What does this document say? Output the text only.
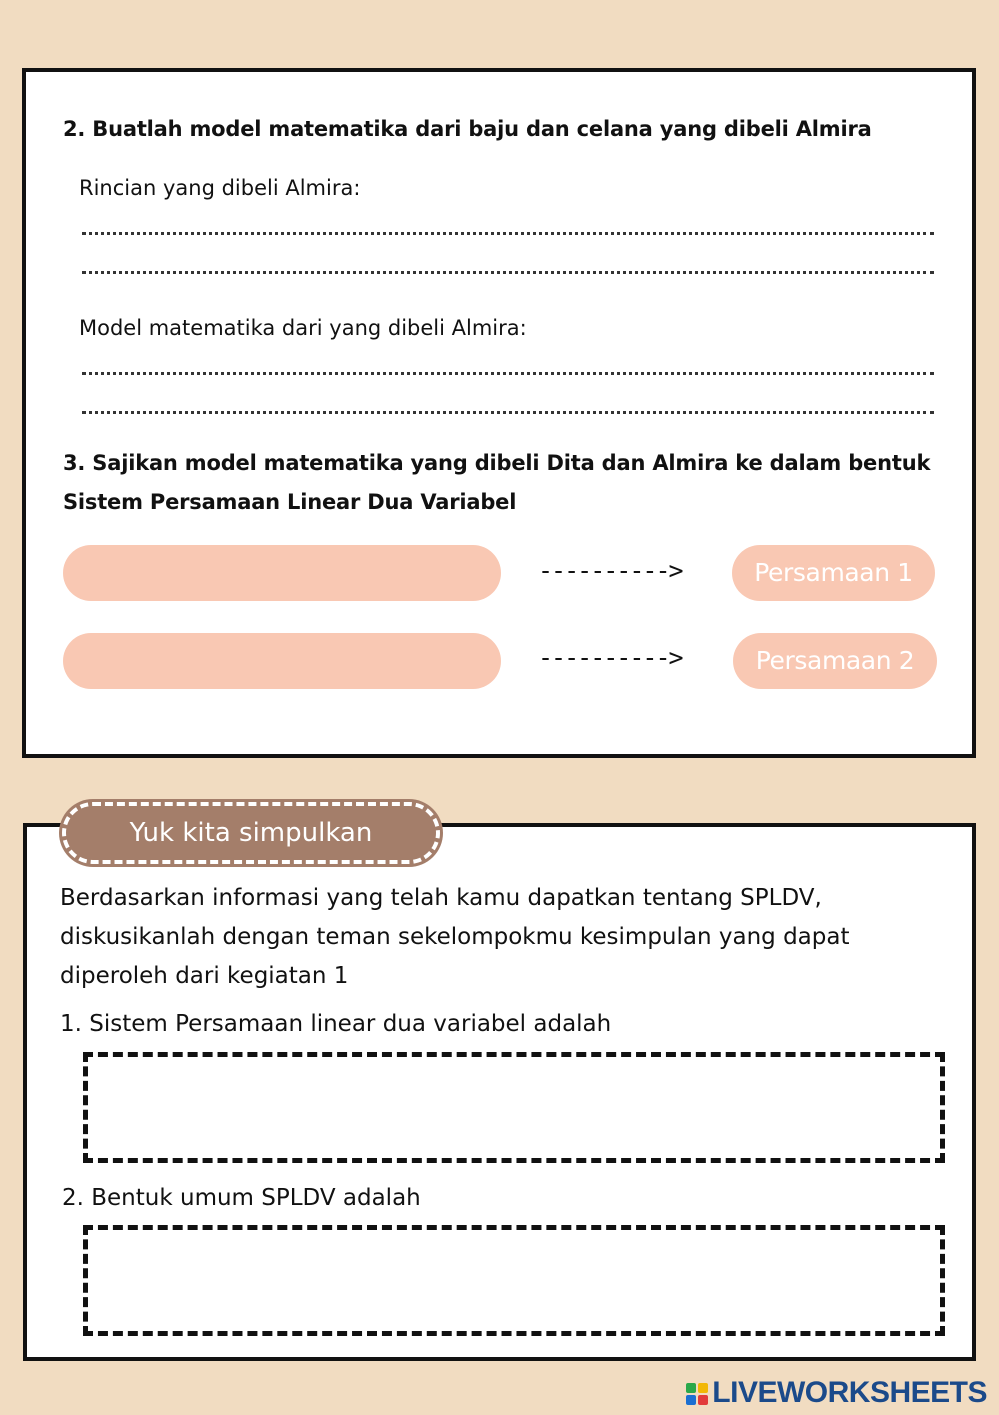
2. Buatlah model matematika dari baju dan celana yang dibeli Almira
Rincian yang dibeli Almira:
Model matematika dari yang dibeli Almira:
3. Sajikan model matematika yang dibeli Dita dan Almira ke dalam bentuk
Sistem Persamaan Linear Dua Variabel
---------->	Persamaan 1
---------->	Persamaan 2
Berdasarkan informasi yang telah kamu dapatkan tentang SPLDV,
diskusikanlah dengan teman sekelompokmu kesimpulan yang dapat
diperoleh dari kegiatan 1
1. Sistem Persamaan linear dua variabel adalah
2. Bentuk umum SPLDV adalah
Yuk kita simpulkan
LIVEWORKSHEETS
